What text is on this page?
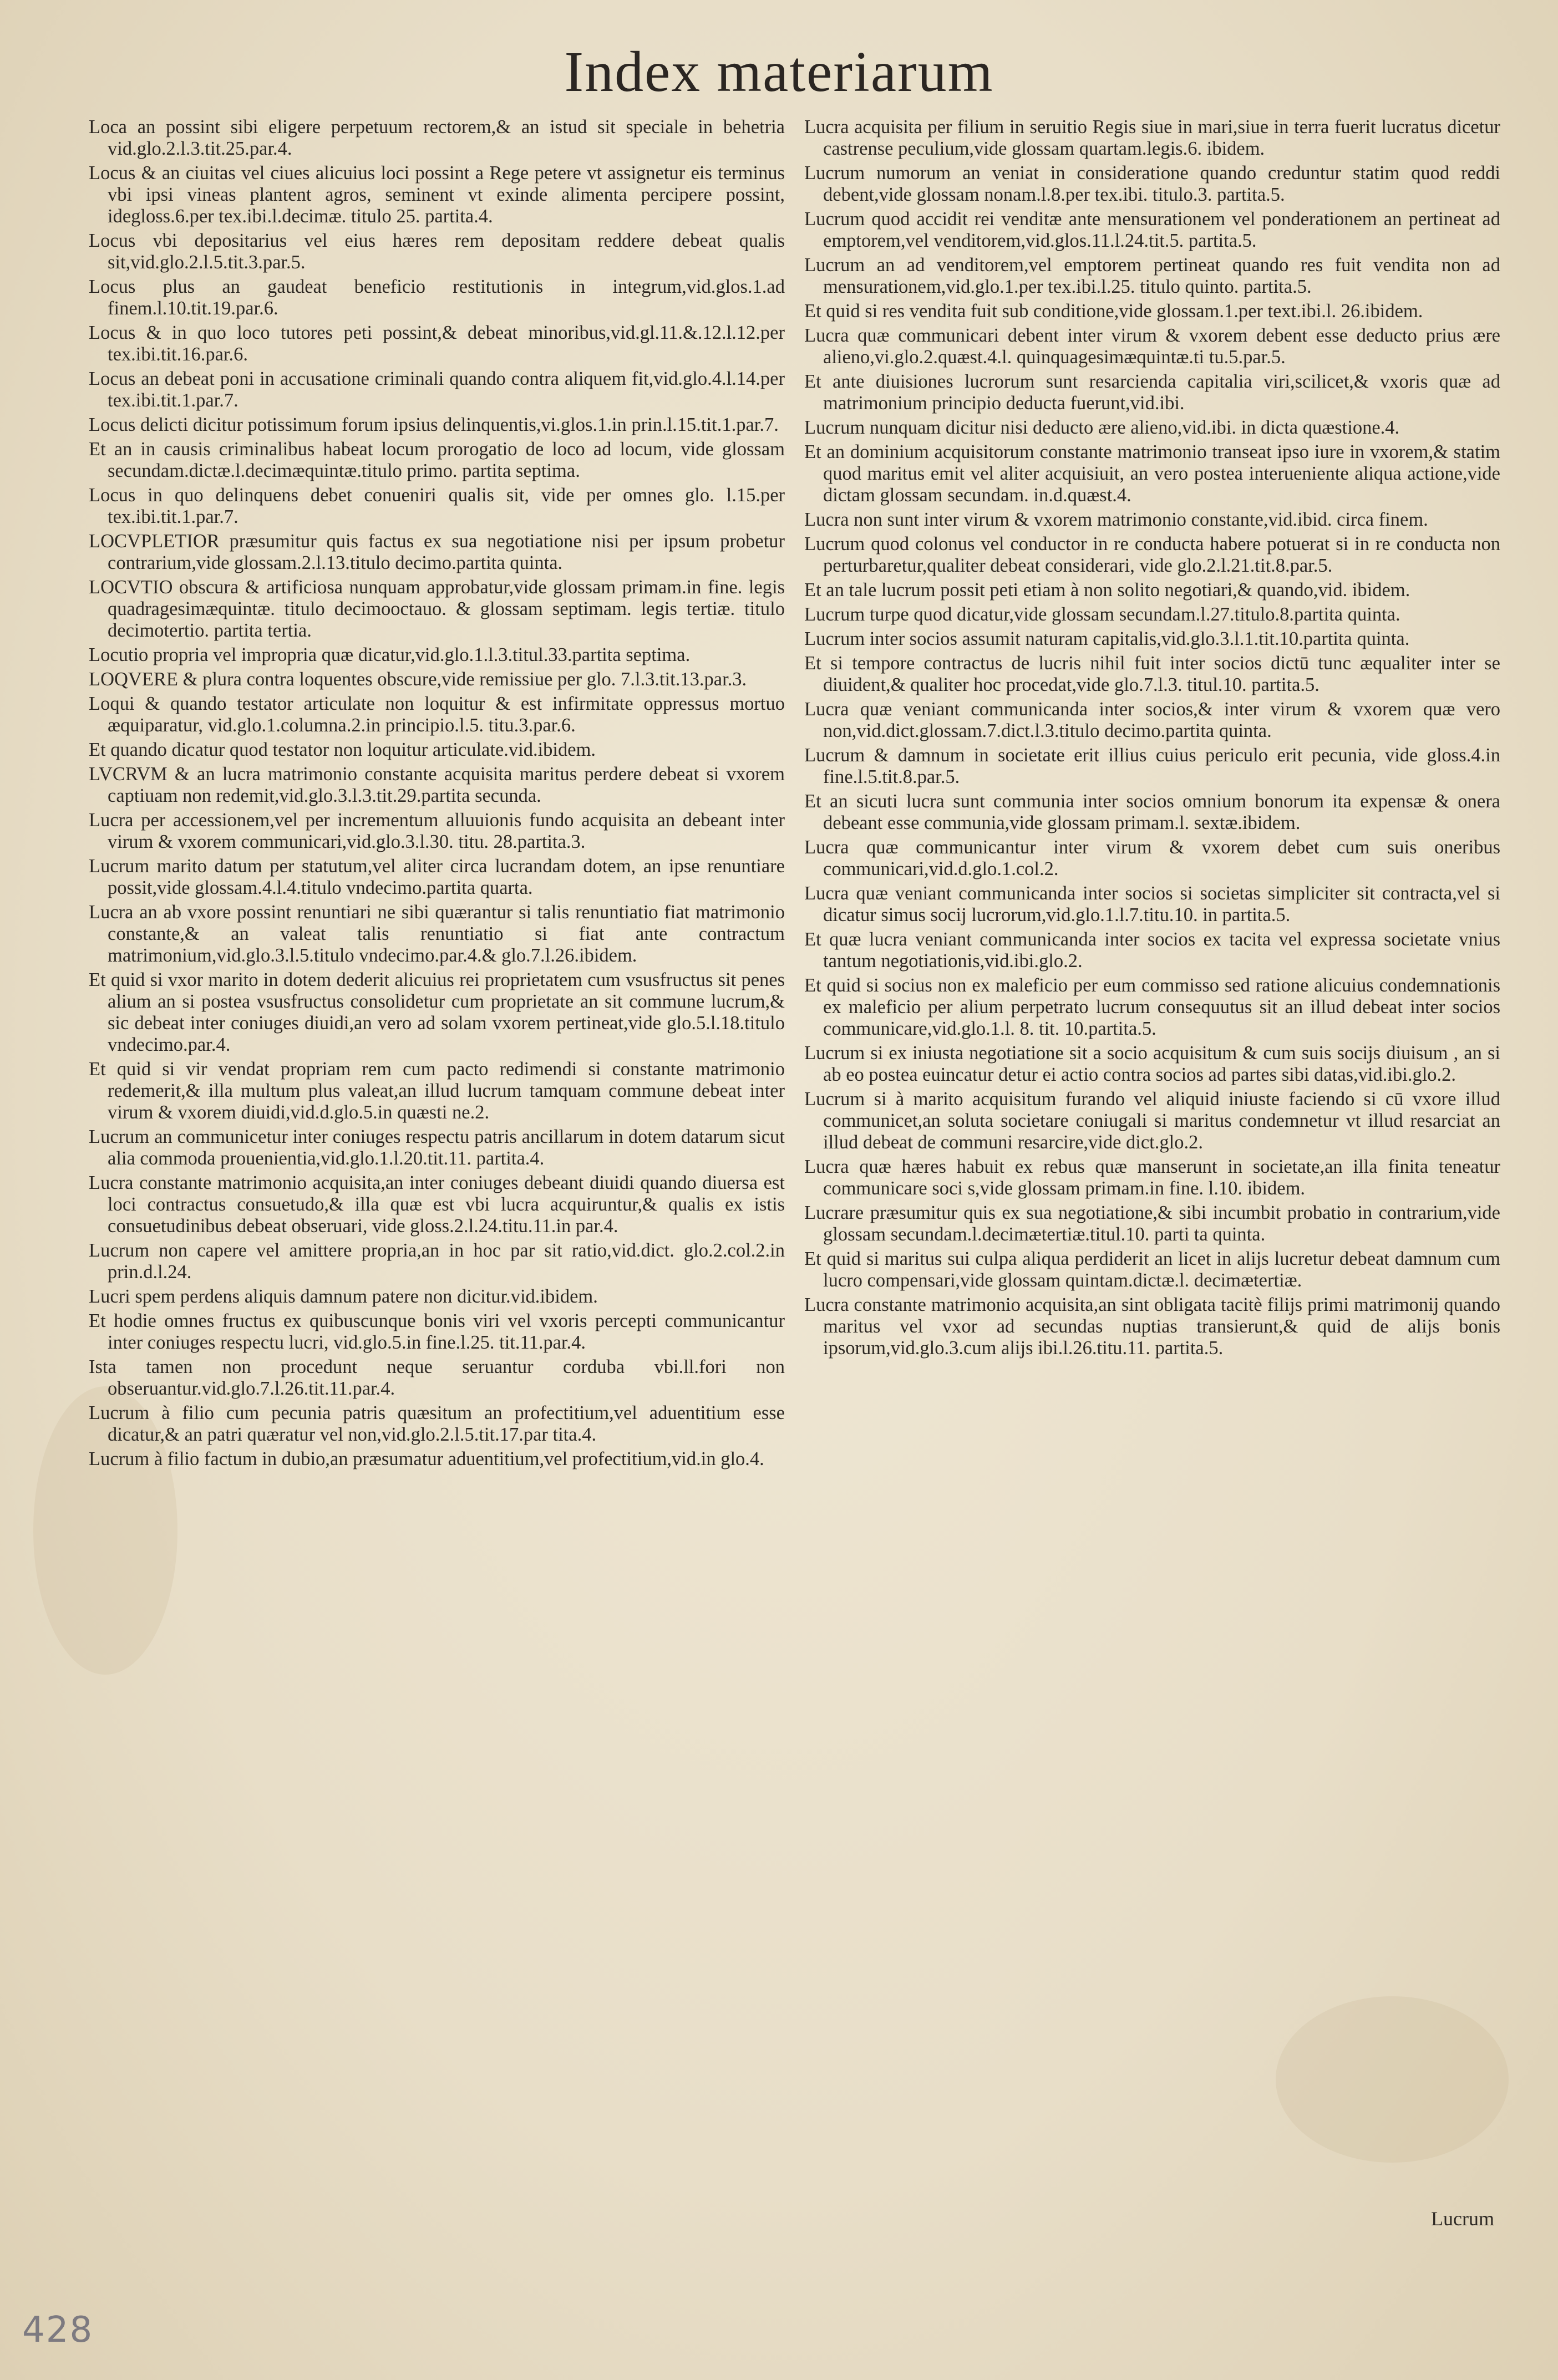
Index materiarum

Loca an possint sibi eligere perpetuum rectorem,& an istud sit speciale in behetria vid.glo.2.l.3.tit.25.par.4.

Locus & an ciuitas vel ciues alicuius loci possint a Rege petere vt assignetur eis terminus vbi ipsi vineas plantent agros, seminent vt exinde alimenta percipere possint, idegloss.6.per tex.ibi.l.decimæ. titulo 25. partita.4.

Locus vbi depositarius vel eius hæres rem depositam reddere debeat qualis sit,vid.glo.2.l.5.tit.3.par.5.

Locus plus an gaudeat beneficio restitutionis in integrum,vid.glos.1.ad finem.l.10.tit.19.par.6.

Locus & in quo loco tutores peti possint,& debeat minoribus,vid.gl.11.&.12.l.12.per tex.ibi.tit.16.par.6.

Locus an debeat poni in accusatione criminali quando contra aliquem fit,vid.glo.4.l.14.per tex.ibi.tit.1.par.7.

Locus delicti dicitur potissimum forum ipsius delinquentis,vi.glos.1.in prin.l.15.tit.1.par.7.

Et an in causis criminalibus habeat locum prorogatio de loco ad locum, vide glossam secundam.dictæ.l.decimæquintæ.titulo primo. partita septima.

Locus in quo delinquens debet conueniri qualis sit, vide per omnes glo. l.15.per tex.ibi.tit.1.par.7.

LOCVPLETIOR præsumitur quis factus ex sua negotiatione nisi per ipsum probetur contrarium,vide glossam.2.l.13.titulo decimo.partita quinta.

LOCVTIO obscura & artificiosa nunquam approbatur,vide glossam primam.in fine. legis quadragesimæquintæ. titulo decimooctauo. & glossam septimam. legis tertiæ. titulo decimotertio. partita tertia.

Locutio propria vel impropria quæ dicatur,vid.glo.1.l.3.titul.33.partita septima.

LOQVERE & plura contra loquentes obscure,vide remissiue per glo. 7.l.3.tit.13.par.3.

Loqui & quando testator articulate non loquitur & est infirmitate oppressus mortuo æquiparatur, vid.glo.1.columna.2.in principio.l.5. titu.3.par.6.

Et quando dicatur quod testator non loquitur articulate.vid.ibidem.

LVCRVM & an lucra matrimonio constante acquisita maritus perdere debeat si vxorem captiuam non redemit,vid.glo.3.l.3.tit.29.partita secunda.

Lucra per accessionem,vel per incrementum alluuionis fundo acquisita an debeant inter virum & vxorem communicari,vid.glo.3.l.30. titu. 28.partita.3.

Lucrum marito datum per statutum,vel aliter circa lucrandam dotem, an ipse renuntiare possit,vide glossam.4.l.4.titulo vndecimo.partita quarta.

Lucra an ab vxore possint renuntiari ne sibi quærantur si talis renuntiatio fiat matrimonio constante,& an valeat talis renuntiatio si fiat ante contractum matrimonium,vid.glo.3.l.5.titulo vndecimo.par.4.& glo.7.l.26.ibidem.

Et quid si vxor marito in dotem dederit alicuius rei proprietatem cum vsusfructus sit penes alium an si postea vsusfructus consolidetur cum proprietate an sit commune lucrum,& sic debeat inter coniuges diuidi,an vero ad solam vxorem pertineat,vide glo.5.l.18.titulo vndecimo.par.4.

Et quid si vir vendat propriam rem cum pacto redimendi si constante matrimonio redemerit,& illa multum plus valeat,an illud lucrum tamquam commune debeat inter virum & vxorem diuidi,vid.d.glo.5.in quæsti ne.2.

Lucrum an communicetur inter coniuges respectu patris ancillarum in dotem datarum sicut alia commoda prouenientia,vid.glo.1.l.20.tit.11. partita.4.

Lucra constante matrimonio acquisita,an inter coniuges debeant diuidi quando diuersa est loci contractus consuetudo,& illa quæ est vbi lucra acquiruntur,& qualis ex istis consuetudinibus debeat obseruari, vide gloss.2.l.24.titu.11.in par.4.

Lucrum non capere vel amittere propria,an in hoc par sit ratio,vid.dict. glo.2.col.2.in prin.d.l.24.

Lucri spem perdens aliquis damnum patere non dicitur.vid.ibidem.

Et hodie omnes fructus ex quibuscunque bonis viri vel vxoris percepti communicantur inter coniuges respectu lucri, vid.glo.5.in fine.l.25. tit.11.par.4.

Ista tamen non procedunt neque seruantur corduba vbi.ll.fori non obseruantur.vid.glo.7.l.26.tit.11.par.4.

Lucrum à filio cum pecunia patris quæsitum an profectitium,vel aduentitium esse dicatur,& an patri quæratur vel non,vid.glo.2.l.5.tit.17.par tita.4.

Lucrum à filio factum in dubio,an præsumatur aduentitium,vel profectitium,vid.in glo.4.

Lucra acquisita per filium in seruitio Regis siue in mari,siue in terra fuerit lucratus dicetur castrense peculium,vide glossam quartam.legis.6. ibidem.

Lucrum numorum an veniat in consideratione quando creduntur statim quod reddi debent,vide glossam nonam.l.8.per tex.ibi. titulo.3. partita.5.

Lucrum quod accidit rei venditæ ante mensurationem vel ponderationem an pertineat ad emptorem,vel venditorem,vid.glos.11.l.24.tit.5. partita.5.

Lucrum an ad venditorem,vel emptorem pertineat quando res fuit vendita non ad mensurationem,vid.glo.1.per tex.ibi.l.25. titulo quinto. partita.5.

Et quid si res vendita fuit sub conditione,vide glossam.1.per text.ibi.l. 26.ibidem.

Lucra quæ communicari debent inter virum & vxorem debent esse deducto prius ære alieno,vi.glo.2.quæst.4.l. quinquagesimæquintæ.ti tu.5.par.5.

Et ante diuisiones lucrorum sunt resarcienda capitalia viri,scilicet,& vxoris quæ ad matrimonium principio deducta fuerunt,vid.ibi.

Lucrum nunquam dicitur nisi deducto ære alieno,vid.ibi. in dicta quæstione.4.

Et an dominium acquisitorum constante matrimonio transeat ipso iure in vxorem,& statim quod maritus emit vel aliter acquisiuit, an vero postea interueniente aliqua actione,vide dictam glossam secundam. in.d.quæst.4.

Lucra non sunt inter virum & vxorem matrimonio constante,vid.ibid. circa finem.

Lucrum quod colonus vel conductor in re conducta habere potuerat si in re conducta non perturbaretur,qualiter debeat considerari, vide glo.2.l.21.tit.8.par.5.

Et an tale lucrum possit peti etiam à non solito negotiari,& quando,vid. ibidem.

Lucrum turpe quod dicatur,vide glossam secundam.l.27.titulo.8.partita quinta.

Lucrum inter socios assumit naturam capitalis,vid.glo.3.l.1.tit.10.partita quinta.

Et si tempore contractus de lucris nihil fuit inter socios dictū tunc æqualiter inter se diuident,& qualiter hoc procedat,vide glo.7.l.3. titul.10. partita.5.

Lucra quæ veniant communicanda inter socios,& inter virum & vxorem quæ vero non,vid.dict.glossam.7.dict.l.3.titulo decimo.partita quinta.

Lucrum & damnum in societate erit illius cuius periculo erit pecunia, vide gloss.4.in fine.l.5.tit.8.par.5.

Et an sicuti lucra sunt communia inter socios omnium bonorum ita expensæ & onera debeant esse communia,vide glossam primam.l. sextæ.ibidem.

Lucra quæ communicantur inter virum & vxorem debet cum suis oneribus communicari,vid.d.glo.1.col.2.

Lucra quæ veniant communicanda inter socios si societas simpliciter sit contracta,vel si dicatur simus socij lucrorum,vid.glo.1.l.7.titu.10. in partita.5.

Et quæ lucra veniant communicanda inter socios ex tacita vel expressa societate vnius tantum negotiationis,vid.ibi.glo.2.

Et quid si socius non ex maleficio per eum commisso sed ratione alicuius condemnationis ex maleficio per alium perpetrato lucrum consequutus sit an illud debeat inter socios communicare,vid.glo.1.l. 8. tit. 10.partita.5.

Lucrum si ex iniusta negotiatione sit a socio acquisitum & cum suis socijs diuisum , an si ab eo postea euincatur detur ei actio contra socios ad partes sibi datas,vid.ibi.glo.2.

Lucrum si à marito acquisitum furando vel aliquid iniuste faciendo si cū vxore illud communicet,an soluta societare coniugali si maritus condemnetur vt illud resarciat an illud debeat de communi resarcire,vide dict.glo.2.

Lucra quæ hæres habuit ex rebus quæ manserunt in societate,an illa finita teneatur communicare soci s,vide glossam primam.in fine. l.10. ibidem.

Lucrare præsumitur quis ex sua negotiatione,& sibi incumbit probatio in contrarium,vide glossam secundam.l.decimætertiæ.titul.10. parti ta quinta.

Et quid si maritus sui culpa aliqua perdiderit an licet in alijs lucretur debeat damnum cum lucro compensari,vide glossam quintam.dictæ.l. decimætertiæ.

Lucra constante matrimonio acquisita,an sint obligata tacitè filijs primi matrimonij quando maritus vel vxor ad secundas nuptias transierunt,& quid de alijs bonis ipsorum,vid.glo.3.cum alijs ibi.l.26.titu.11. partita.5.

Lucrum
428
